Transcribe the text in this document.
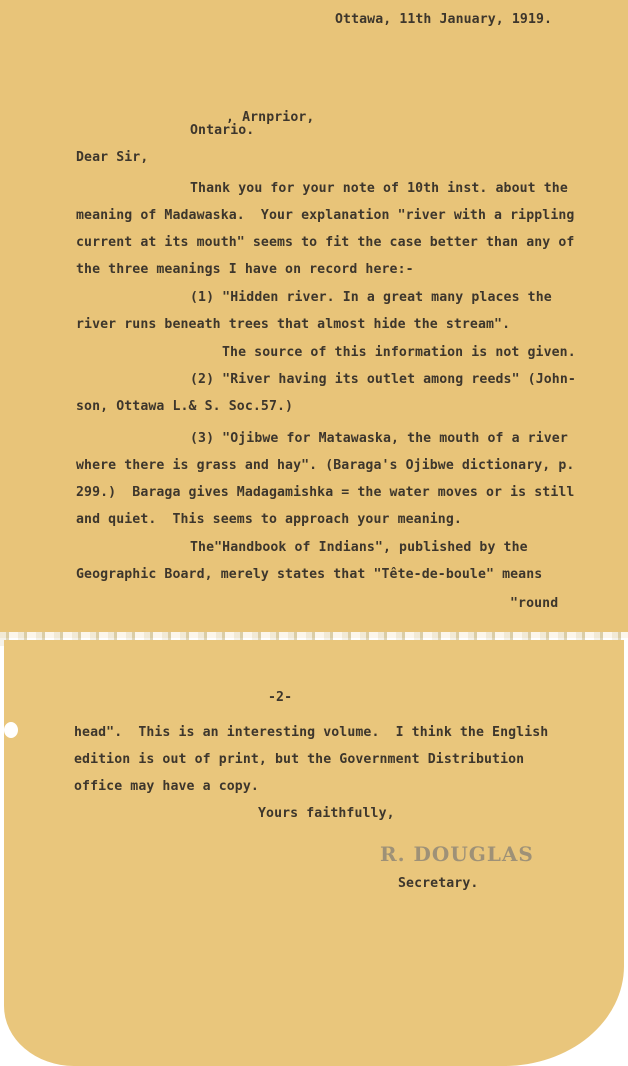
Ottawa, 11th January, 1919.
, Arnprior,
Ontario.
Dear Sir,
Thank you for your note of 10th inst. about the
meaning of Madawaska.  Your explanation "river with a rippling
current at its mouth" seems to fit the case better than any of
the three meanings I have on record here:-
(1) "Hidden river. In a great many places the
river runs beneath trees that almost hide the stream".
The source of this information is not given.
(2) "River having its outlet among reeds" (John-
son, Ottawa L.& S. Soc.57.)
(3) "Ojibwe for Matawaska, the mouth of a river
where there is grass and hay". (Baraga's Ojibwe dictionary, p.
299.)  Baraga gives Madagamishka = the water moves or is still
and quiet.  This seems to approach your meaning.
The"Handbook of Indians", published by the
Geographic Board, merely states that "Tête-de-boule" means
"round
-2-
head".  This is an interesting volume.  I think the English
edition is out of print, but the Government Distribution
office may have a copy.
Yours faithfully,
R. DOUGLAS
Secretary.
